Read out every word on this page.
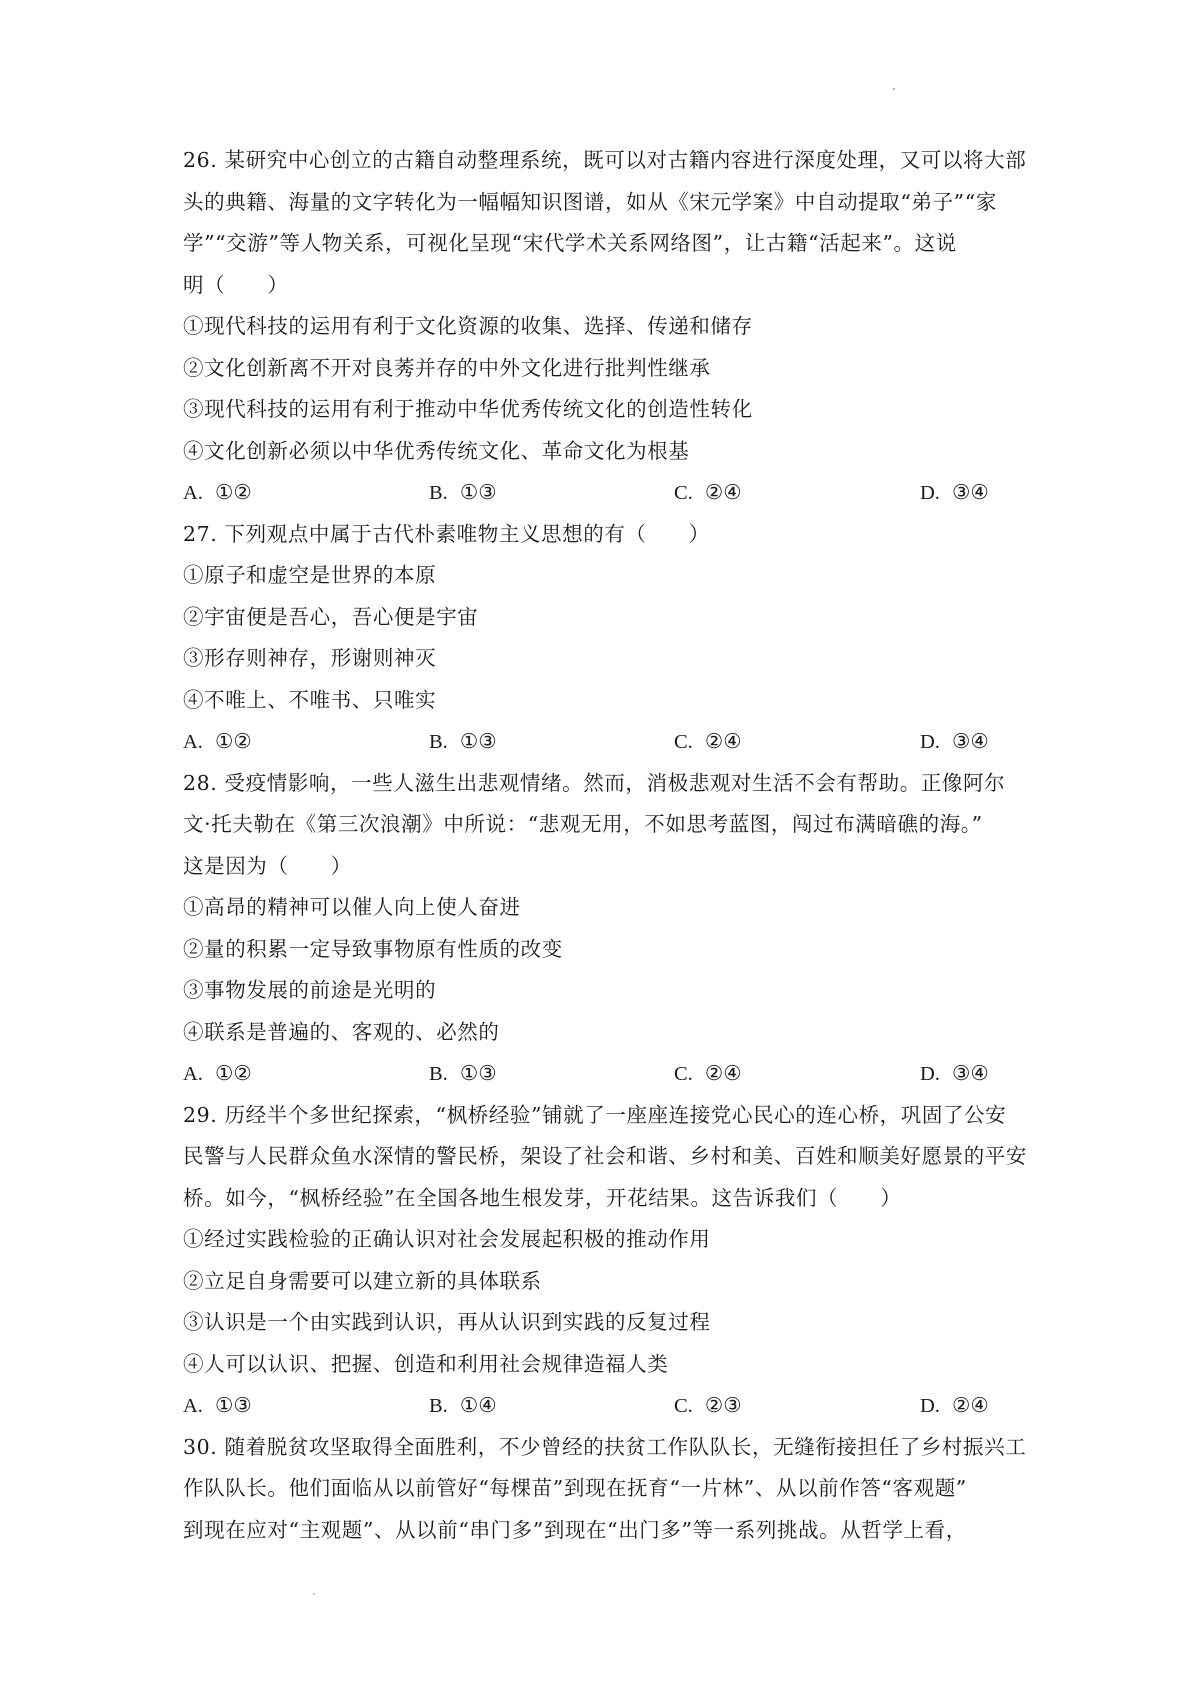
26. 某研究中心创立的古籍自动整理系统，既可以对古籍内容进行深度处理，又可以将大部
头的典籍、海量的文字转化为一幅幅知识图谱，如从《宋元学案》中自动提取“弟子”“家
学”“交游”等人物关系，可视化呈现“宋代学术关系网络图”，让古籍“活起来”。这说
明（　　）
①现代科技的运用有利于文化资源的收集、选择、传递和储存
②文化创新离不开对良莠并存的中外文化进行批判性继承
③现代科技的运用有利于推动中华优秀传统文化的创造性转化
④文化创新必须以中华优秀传统文化、革命文化为根基
A. ①②	B. ①③	C. ②④	D. ③④
27. 下列观点中属于古代朴素唯物主义思想的有（　　）
①原子和虚空是世界的本原
②宇宙便是吾心，吾心便是宇宙
③形存则神存，形谢则神灭
④不唯上、不唯书、只唯实
A. ①②	B. ①③	C. ②④	D. ③④
28. 受疫情影响，一些人滋生出悲观情绪。然而，消极悲观对生活不会有帮助。正像阿尔
文·托夫勒在《第三次浪潮》中所说：“悲观无用，不如思考蓝图，闯过布满暗礁的海。”
这是因为（　　）
①高昂的精神可以催人向上使人奋进
②量的积累一定导致事物原有性质的改变
③事物发展的前途是光明的
④联系是普遍的、客观的、必然的
A. ①②	B. ①③	C. ②④	D. ③④
29. 历经半个多世纪探索，“枫桥经验”铺就了一座座连接党心民心的连心桥，巩固了公安
民警与人民群众鱼水深情的警民桥，架设了社会和谐、乡村和美、百姓和顺美好愿景的平安
桥。如今，“枫桥经验”在全国各地生根发芽，开花结果。这告诉我们（　　）
①经过实践检验的正确认识对社会发展起积极的推动作用
②立足自身需要可以建立新的具体联系
③认识是一个由实践到认识，再从认识到实践的反复过程
④人可以认识、把握、创造和利用社会规律造福人类
A. ①③	B. ①④	C. ②③	D. ②④
30. 随着脱贫攻坚取得全面胜利，不少曾经的扶贫工作队队长，无缝衔接担任了乡村振兴工
作队队长。他们面临从以前管好“每棵苗”到现在抚育“一片林”、从以前作答“客观题”
到现在应对“主观题”、从以前“串门多”到现在“出门多”等一系列挑战。从哲学上看，
